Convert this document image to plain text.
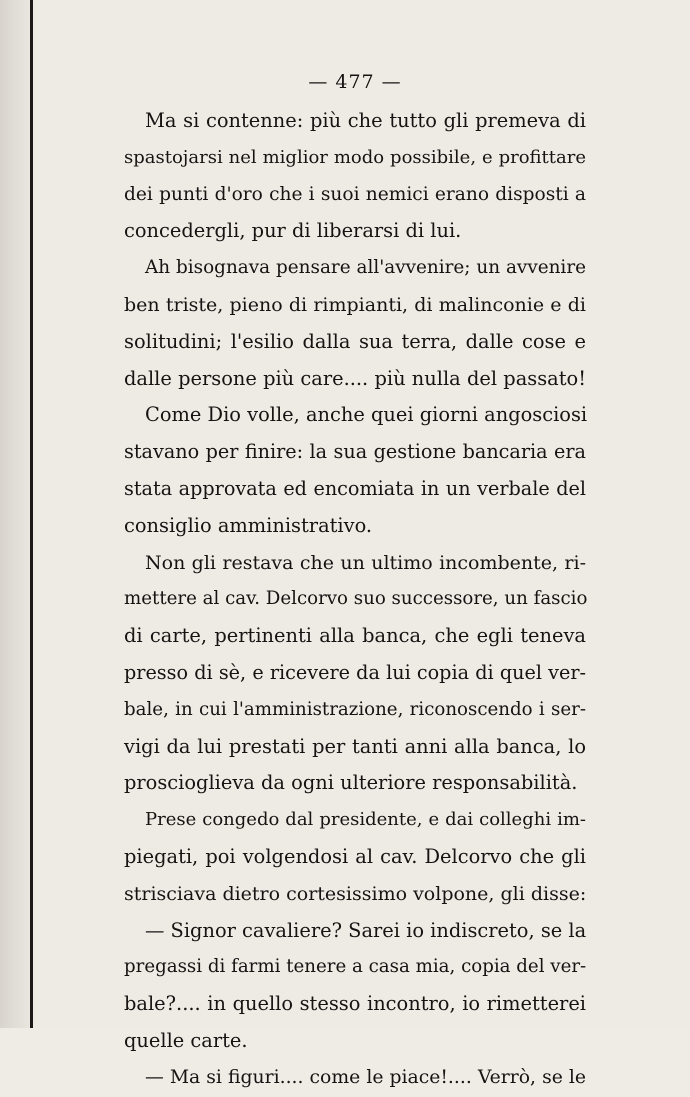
— 477 —
Ma si contenne: più che tutto gli premeva di
spastojarsi nel miglior modo possibile, e profittare
dei punti d'oro che i suoi nemici erano disposti a
concedergli, pur di liberarsi di lui.
Ah bisognava pensare all'avvenire; un avvenire
ben triste, pieno di rimpianti, di malinconie e di
solitudini; l'esilio dalla sua terra, dalle cose e
dalle persone più care.... più nulla del passato!
Come Dio volle, anche quei giorni angosciosi
stavano per finire: la sua gestione bancaria era
stata approvata ed encomiata in un verbale del
consiglio amministrativo.
Non gli restava che un ultimo incombente, ri-
mettere al cav. Delcorvo suo successore, un fascio
di carte, pertinenti alla banca, che egli teneva
presso di sè, e ricevere da lui copia di quel ver-
bale, in cui l'amministrazione, riconoscendo i ser-
vigi da lui prestati per tanti anni alla banca, lo
proscioglieva da ogni ulteriore responsabilità.
Prese congedo dal presidente, e dai colleghi im-
piegati, poi volgendosi al cav. Delcorvo che gli
strisciava dietro cortesissimo volpone, gli disse:
— Signor cavaliere? Sarei io indiscreto, se la
pregassi di farmi tenere a casa mia, copia del ver-
bale?.... in quello stesso incontro, io rimetterei
quelle carte.
— Ma si figuri.... come le piace!.... Verrò, se le
